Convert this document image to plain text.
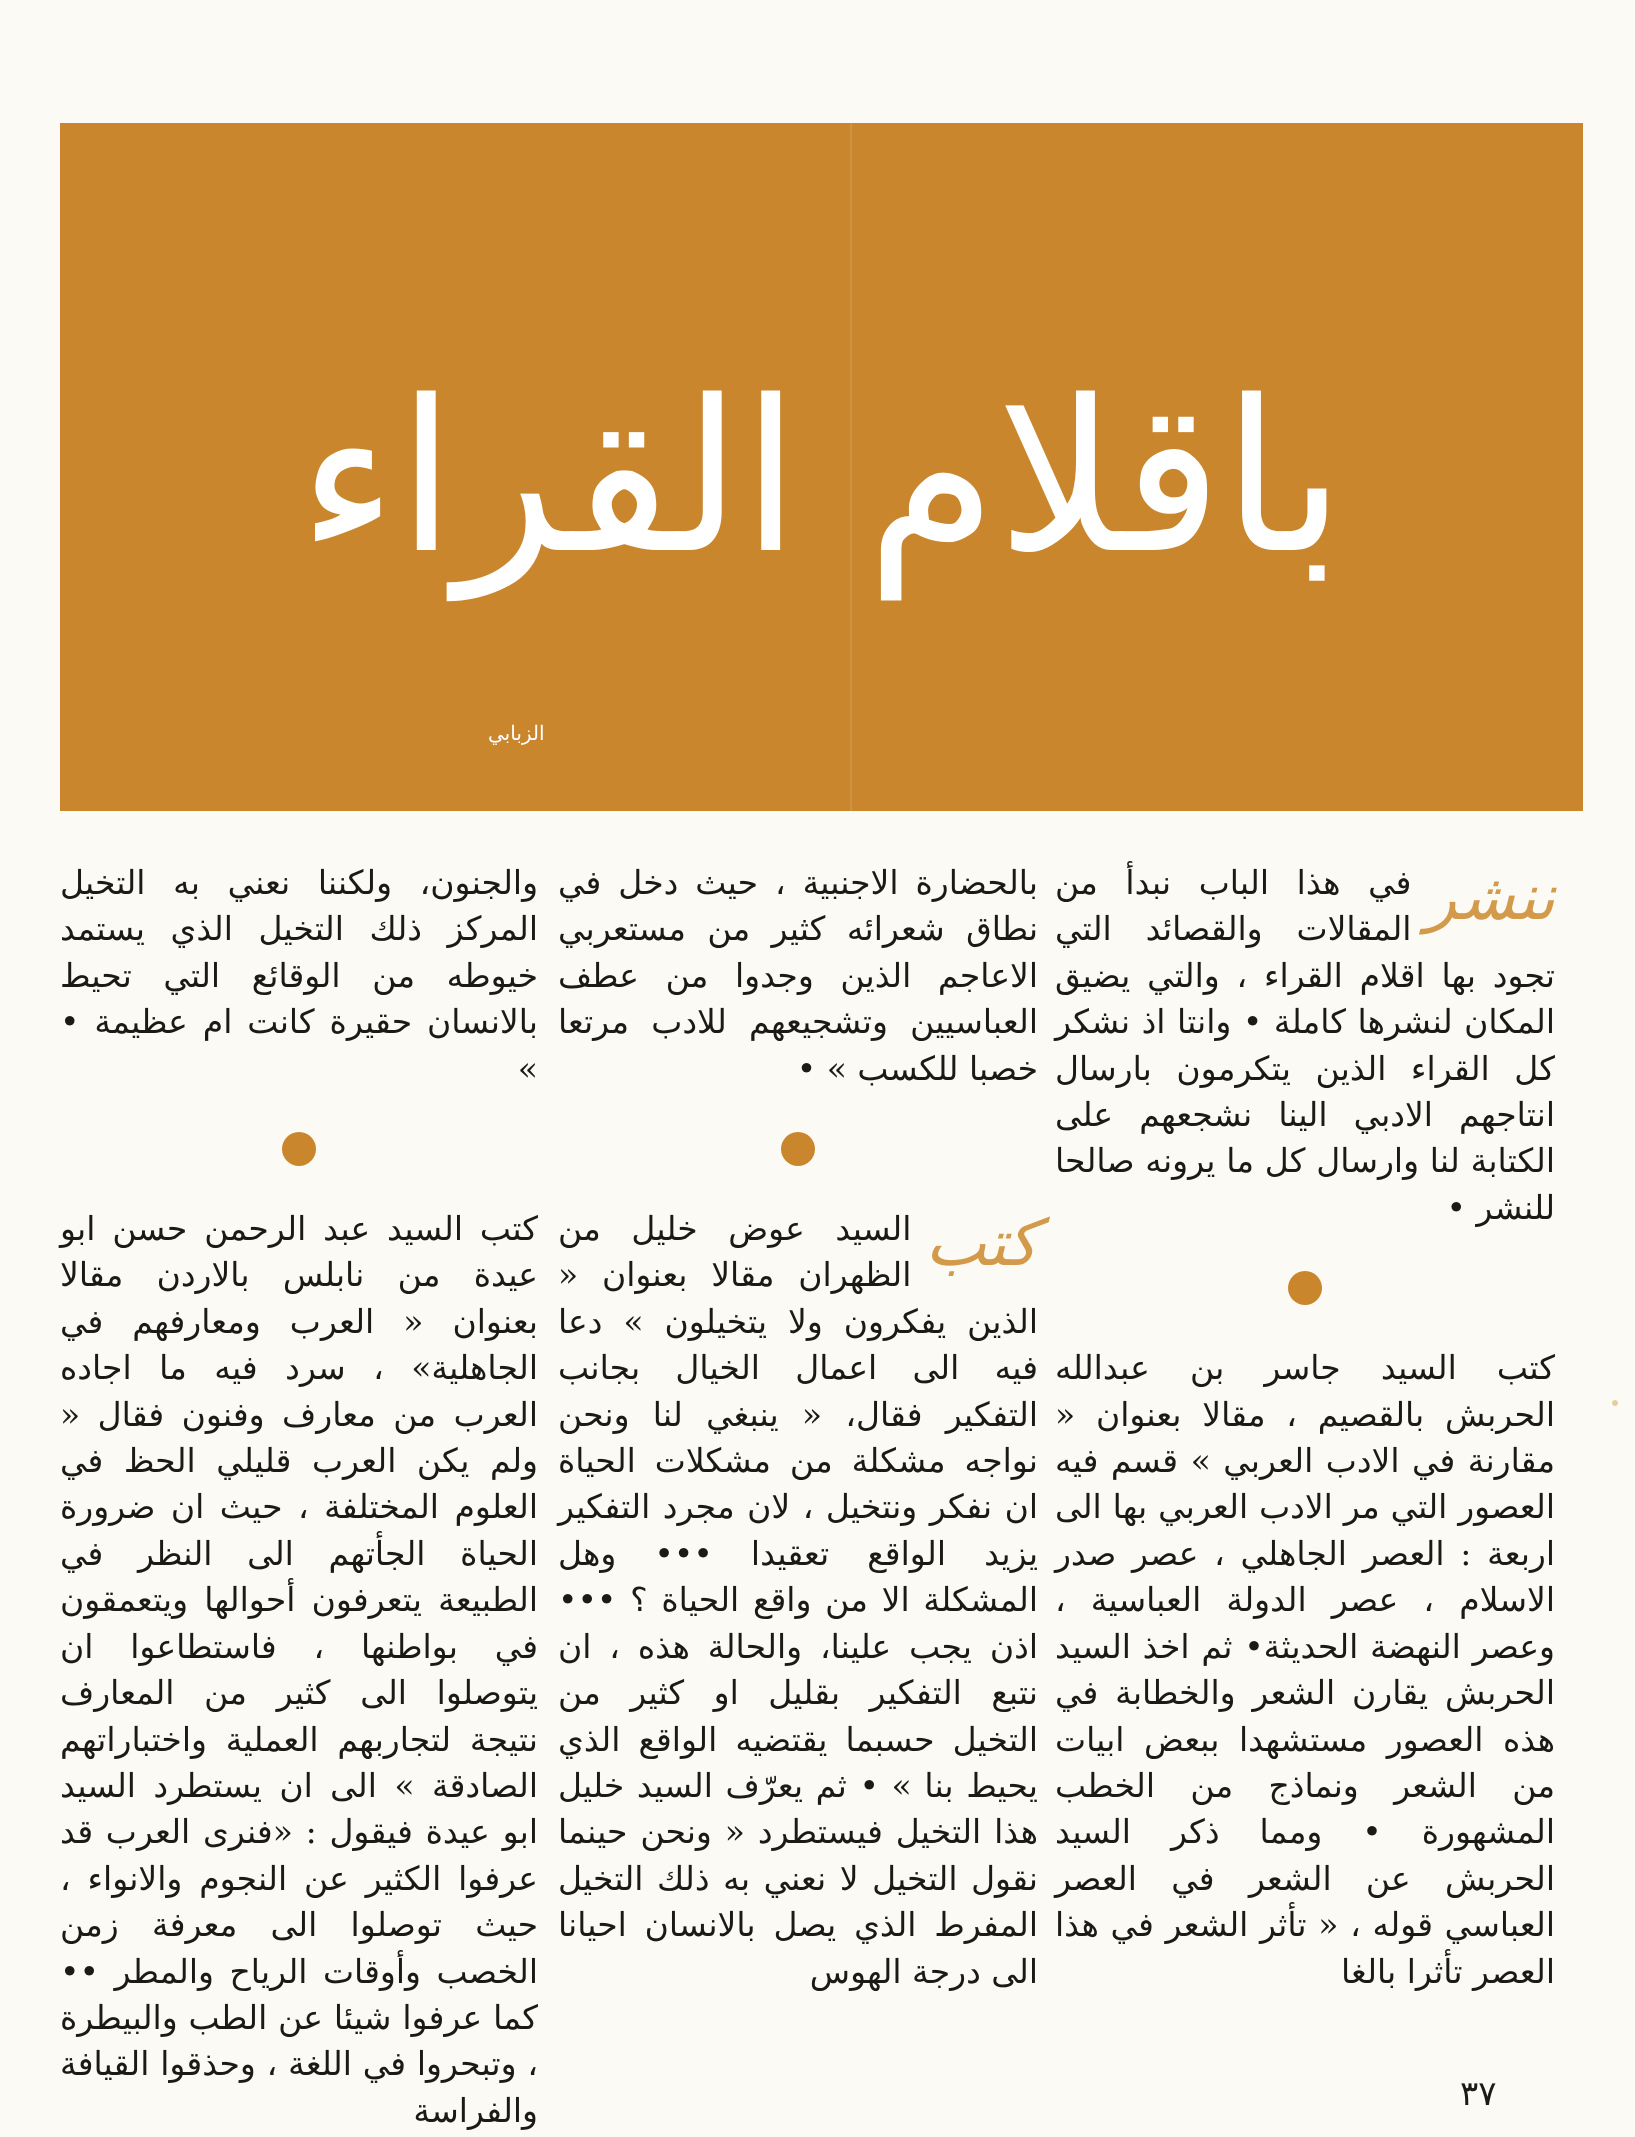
باقلام القراء
الزبابي
ننشر

في هذا الباب نبدأ من المقالات والقصائد التي تجود بها اقلام القراء ، والتي يضيق المكان لنشرها كاملة • وانتا اذ نشكر كل القراء الذين يتكرمون بارسال انتاجهم الادبي الينا نشجعهم على الكتابة لنا وارسال كل ما يرونه صالحا للنشر •

كتب السيد جاسر بن عبدالله الحربش بالقصيم ، مقالا بعنوان « مقارنة في الادب العربي » قسم فيه العصور التي مر الادب العربي بها الى اربعة : العصر الجاهلي ، عصر صدر الاسلام ، عصر الدولة العباسية ، وعصر النهضة الحديثة• ثم اخذ السيد الحربش يقارن الشعر والخطابة في هذه العصور مستشهدا ببعض ابيات من الشعر ونماذج من الخطب المشهورة • ومما ذكر السيد الحربش عن الشعر في العصر العباسي قوله ، « تأثر الشعر في هذا العصر تأثرا بالغا

بالحضارة الاجنبية ، حيث دخل في نطاق شعرائه كثير من مستعربي الاعاجم الذين وجدوا من عطف العباسيين وتشجيعهم للادب مرتعا خصبا للكسب » •

كتب

السيد عوض خليل من الظهران مقالا بعنوان « الذين يفكرون ولا يتخيلون » دعا فيه الى اعمال الخيال بجانب التفكير فقال، « ينبغي لنا ونحن نواجه مشكلة من مشكلات الحياة ان نفكر ونتخيل ، لان مجرد التفكير يزيد الواقع تعقيدا ••• وهل المشكلة الا من واقع الحياة ؟ ••• اذن يجب علينا، والحالة هذه ، ان نتبع التفكير بقليل او كثير من التخيل حسبما يقتضيه الواقع الذي يحيط بنا » • ثم يعرّف السيد خليل هذا التخيل فيستطرد « ونحن حينما نقول التخيل لا نعني به ذلك التخيل المفرط الذي يصل بالانسان احيانا الى درجة الهوس

والجنون، ولكننا نعني به التخيل المركز ذلك التخيل الذي يستمد خيوطه من الوقائع التي تحيط بالانسان حقيرة كانت ام عظيمة • »

كتب السيد عبد الرحمن حسن ابو عيدة من نابلس بالاردن مقالا بعنوان « العرب ومعارفهم في الجاهلية» ، سرد فيه ما اجاده العرب من معارف وفنون فقال « ولم يكن العرب قليلي الحظ في العلوم المختلفة ، حيث ان ضرورة الحياة الجأتهم الى النظر في الطبيعة يتعرفون أحوالها ويتعمقون في بواطنها ، فاستطاعوا ان يتوصلوا الى كثير من المعارف نتيجة لتجاربهم العملية واختباراتهم الصادقة » الى ان يستطرد السيد ابو عيدة فيقول : «فنرى العرب قد عرفوا الكثير عن النجوم والانواء ، حيث توصلوا الى معرفة زمن الخصب وأوقات الرياح والمطر •• كما عرفوا شيئا عن الطب والبيطرة ، وتبحروا في اللغة ، وحذقوا القيافة والفراسة	٣٧
